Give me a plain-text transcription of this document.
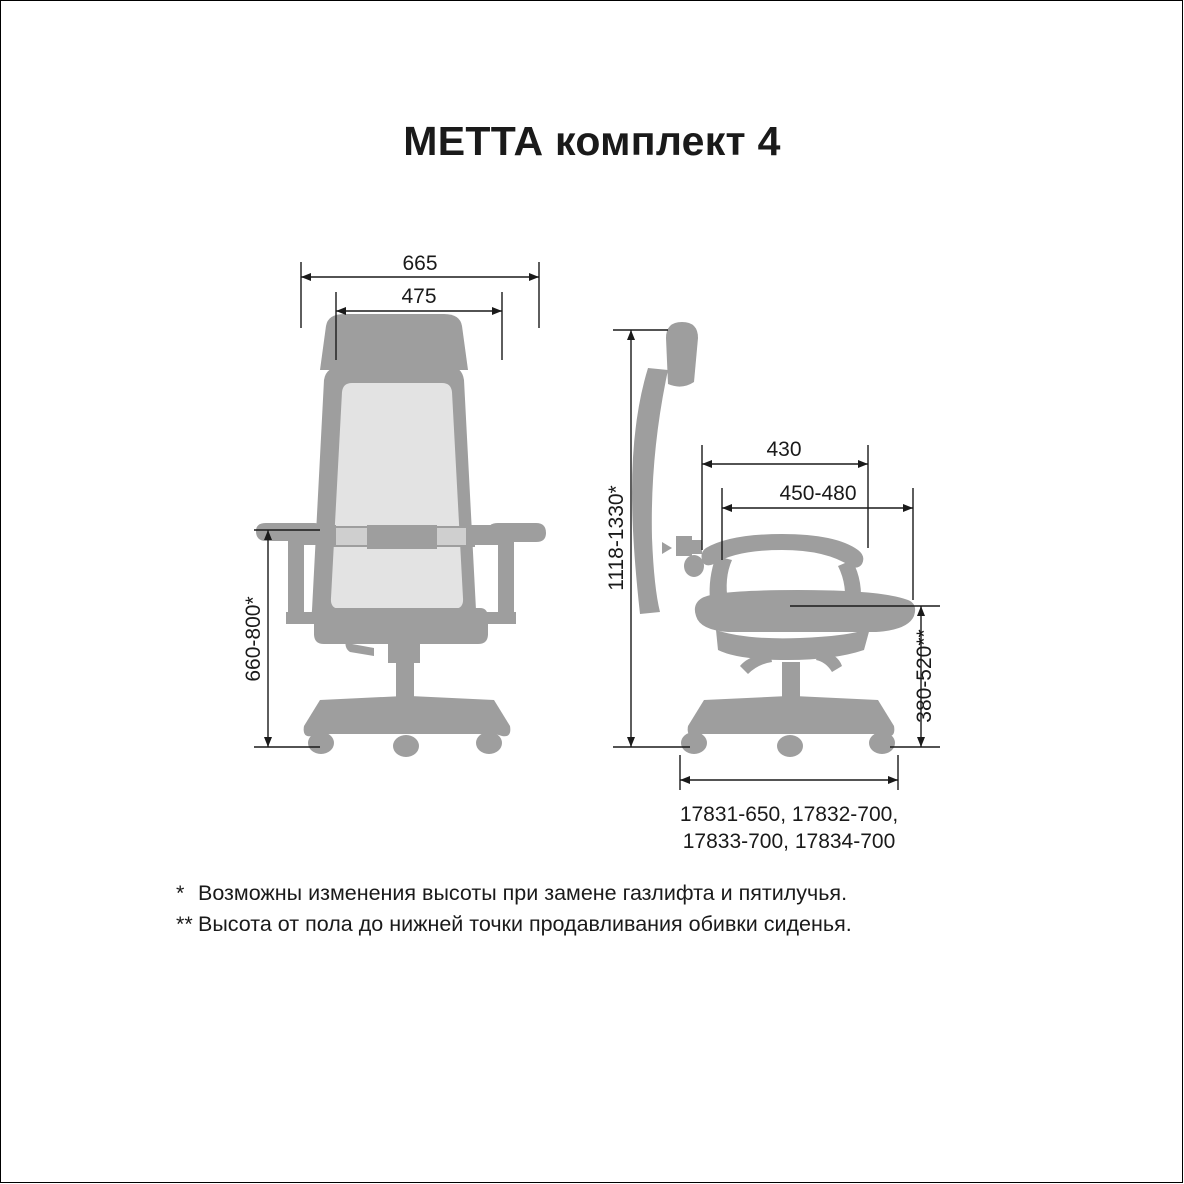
МЕТТА комплект 4
665
475
660-800*
430
450-480
1118-1330*
380-520**
17831-650, 17832-700,
17833-700, 17834-700
* Возможны изменения высоты при замене газлифта и пятилучья.
** Высота от пола до нижней точки продавливания обивки сиденья.
